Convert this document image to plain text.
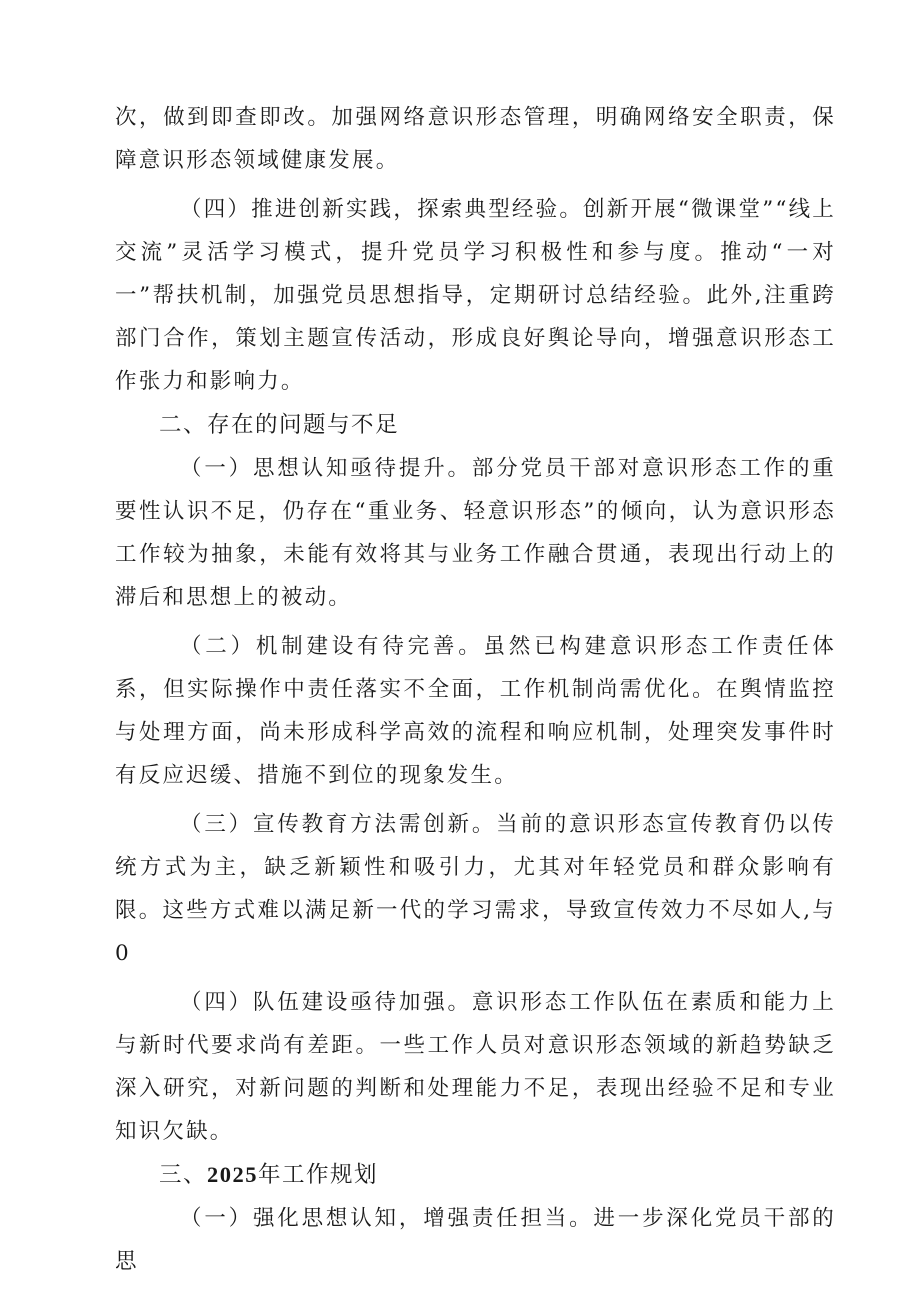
次，做到即查即改。加强网络意识形态管理，明确网络安全职责，保障意识形态领域健康发展。

（四）推进创新实践，探索典型经验。创新开展“微课堂”“线上交流”灵活学习模式，提升党员学习积极性和参与度。推动“一对一”帮扶机制，加强党员思想指导，定期研讨总结经验。此外,注重跨部门合作，策划主题宣传活动，形成良好舆论导向，增强意识形态工作张力和影响力。

二、存在的问题与不足

（一）思想认知亟待提升。部分党员干部对意识形态工作的重要性认识不足，仍存在“重业务、轻意识形态”的倾向，认为意识形态工作较为抽象，未能有效将其与业务工作融合贯通，表现出行动上的滞后和思想上的被动。

（二）机制建设有待完善。虽然已构建意识形态工作责任体系，但实际操作中责任落实不全面，工作机制尚需优化。在舆情监控与处理方面，尚未形成科学高效的流程和响应机制，处理突发事件时有反应迟缓、措施不到位的现象发生。

（三）宣传教育方法需创新。当前的意识形态宣传教育仍以传统方式为主，缺乏新颖性和吸引力，尤其对年轻党员和群众影响有限。这些方式难以满足新一代的学习需求，导致宣传效力不尽如人,与0

（四）队伍建设亟待加强。意识形态工作队伍在素质和能力上与新时代要求尚有差距。一些工作人员对意识形态领域的新趋势缺乏深入研究，对新问题的判断和处理能力不足，表现出经验不足和专业知识欠缺。

三、2025年工作规划

（一）强化思想认知，增强责任担当。进一步深化党员干部的思
